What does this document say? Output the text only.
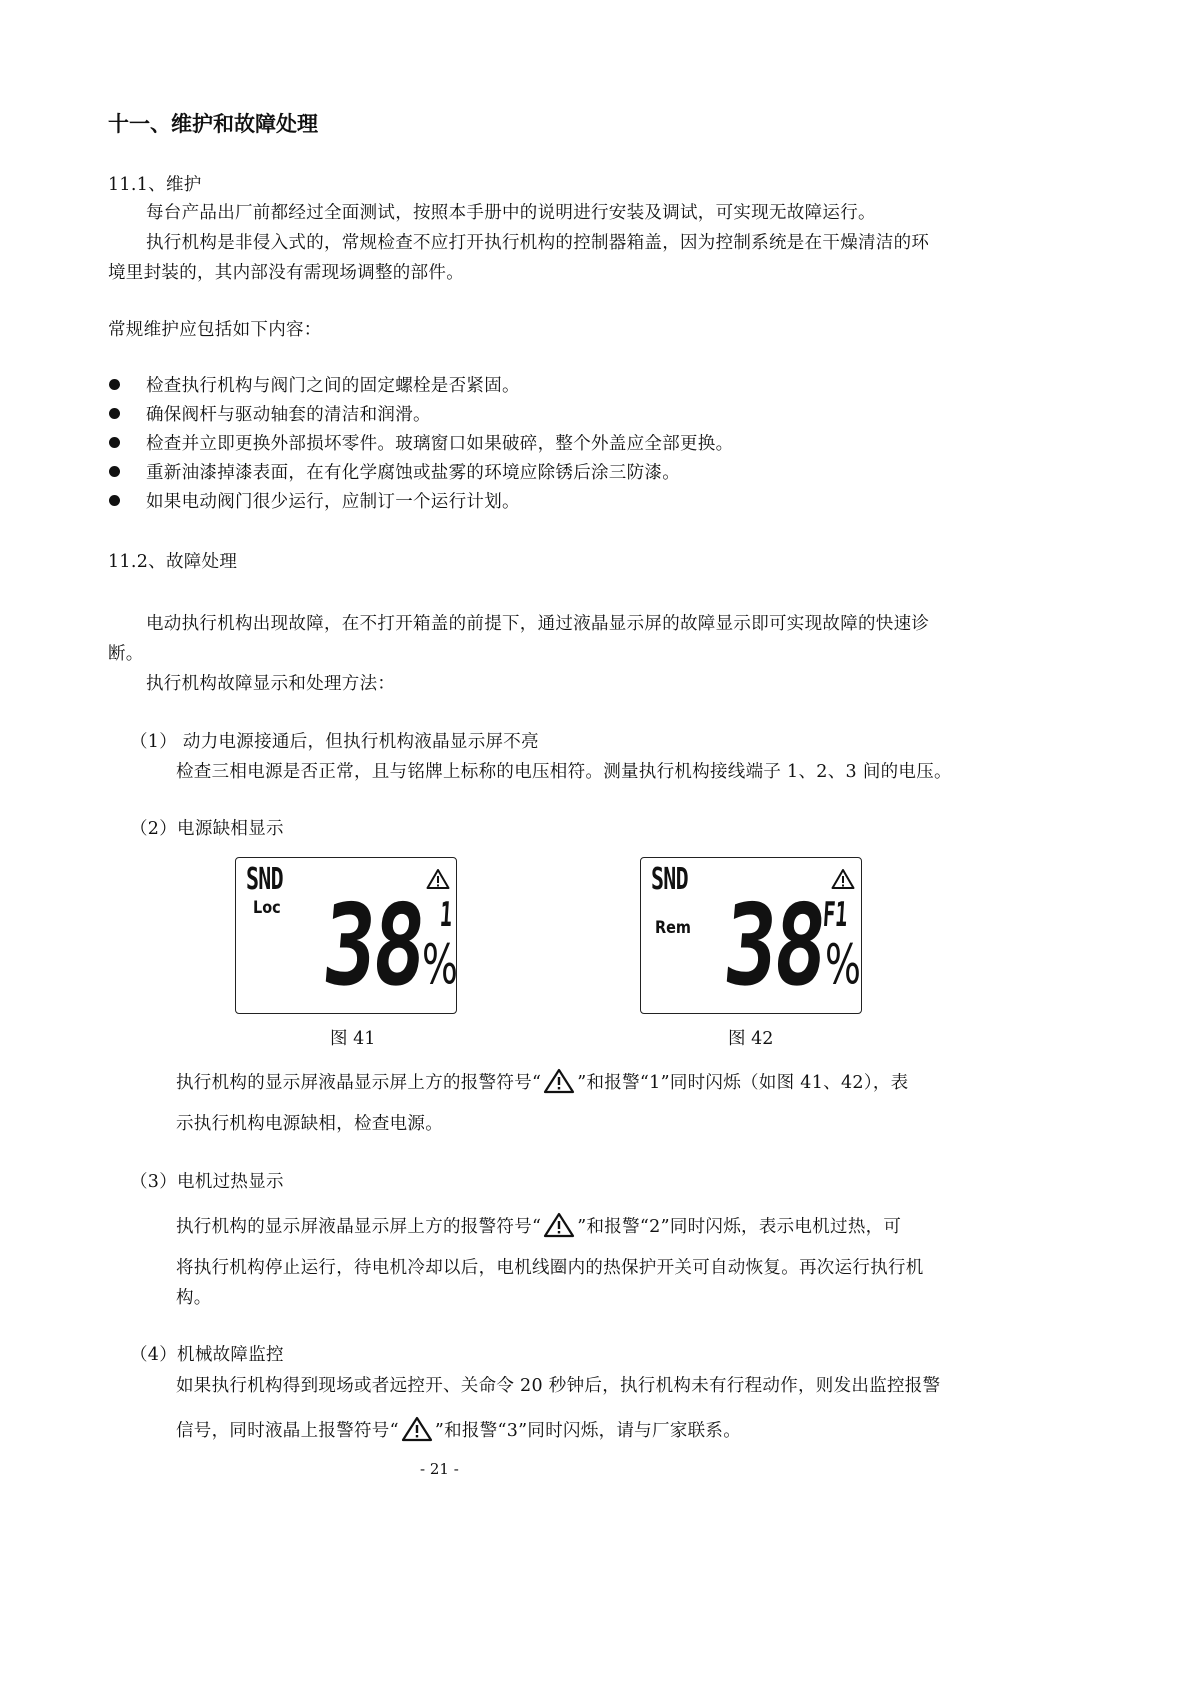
十一、维护和故障处理
11.1、维护
每台产品出厂前都经过全面测试，按照本手册中的说明进行安装及调试，可实现无故障运行。
执行机构是非侵入式的，常规检查不应打开执行机构的控制器箱盖，因为控制系统是在干燥清洁的环
境里封装的，其内部没有需现场调整的部件。
常规维护应包括如下内容：
检查执行机构与阀门之间的固定螺栓是否紧固。
确保阀杆与驱动轴套的清洁和润滑。
检查并立即更换外部损坏零件。玻璃窗口如果破碎，整个外盖应全部更换。
重新油漆掉漆表面，在有化学腐蚀或盐雾的环境应除锈后涂三防漆。
如果电动阀门很少运行，应制订一个运行计划。
11.2、故障处理
电动执行机构出现故障，在不打开箱盖的前提下，通过液晶显示屏的故障显示即可实现故障的快速诊
断。
执行机构故障显示和处理方法：
（1） 动力电源接通后，但执行机构液晶显示屏不亮
检查三相电源是否正常，且与铭牌上标称的电压相符。测量执行机构接线端子 1、2、3 间的电压。
（2）电源缺相显示
SND
Loc	1
38
%
图 41
SND
Rem	F1
38
%
图 42
执行机构的显示屏液晶显示屏上方的报警符号“ ”和报警“1”同时闪烁（如图 41、42），表
示执行机构电源缺相，检查电源。
（3）电机过热显示
执行机构的显示屏液晶显示屏上方的报警符号“ ”和报警“2”同时闪烁，表示电机过热，可
将执行机构停止运行，待电机冷却以后，电机线圈内的热保护开关可自动恢复。再次运行执行机
构。
（4）机械故障监控
如果执行机构得到现场或者远控开、关命令 20 秒钟后，执行机构未有行程动作，则发出监控报警
信号，同时液晶上报警符号“ ”和报警“3”同时闪烁，请与厂家联系。
- 21 -
